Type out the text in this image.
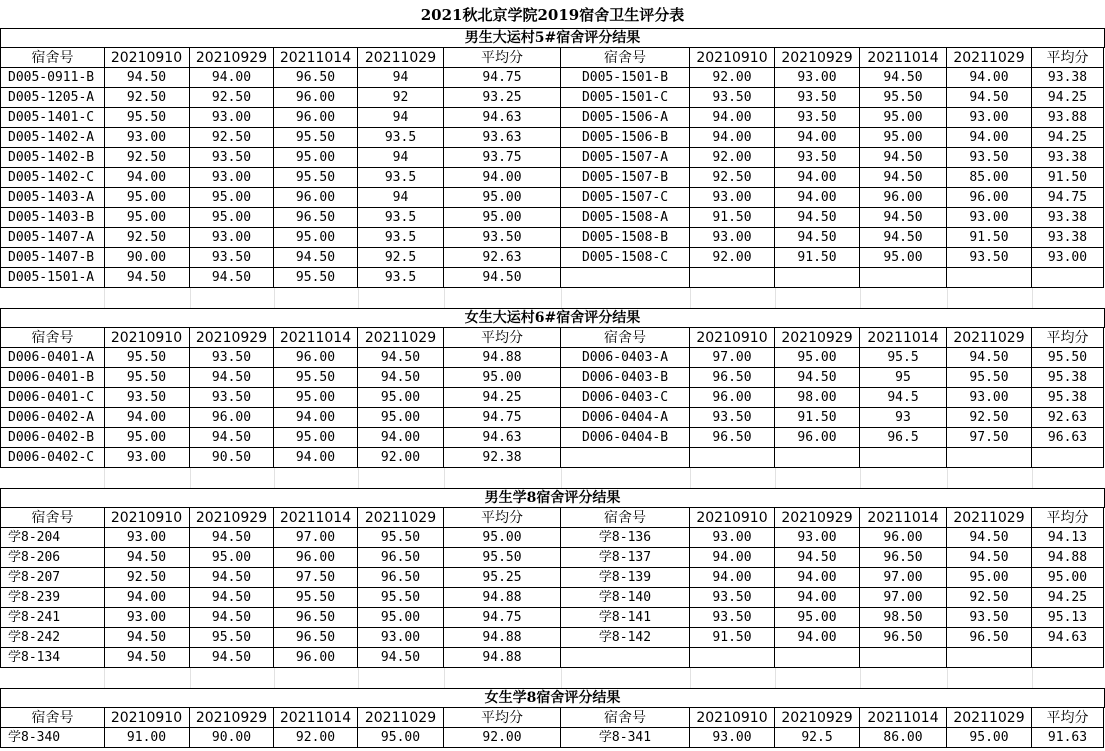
2021秋北京学院2019宿舍卫生评分表
男生大运村5#宿舍评分结果
宿舍号	20210910 20210929 20211014 20211029	平均分	宿舍号	20210910 20210929	20211014	20211029	平均分
D005-0911-B	94.50	94.00	96.50	94	94.75	D005-1501-B	92.00	93.00	94.50	94.00	93.38
D005-1205-A	92.50	92.50	96.00	92	93.25	D005-1501-C	93.50	93.50	95.50	94.50	94.25
D005-1401-C	95.50	93.00	96.00	94	94.63	D005-1506-A	94.00	93.50	95.00	93.00	93.88
D005-1402-A	93.00	92.50	95.50	93.5	93.63	D005-1506-B	94.00	94.00	95.00	94.00	94.25
D005-1402-B	92.50	93.50	95.00	94	93.75	D005-1507-A	92.00	93.50	94.50	93.50	93.38
D005-1402-C	94.00	93.00	95.50	93.5	94.00	D005-1507-B	92.50	94.00	94.50	85.00	91.50
D005-1403-A	95.00	95.00	96.00	94	95.00	D005-1507-C	93.00	94.00	96.00	96.00	94.75
D005-1403-B	95.00	95.00	96.50	93.5	95.00	D005-1508-A	91.50	94.50	94.50	93.00	93.38
D005-1407-A	92.50	93.00	95.00	93.5	93.50	D005-1508-B	93.00	94.50	94.50	91.50	93.38
D005-1407-B	90.00	93.50	94.50	92.5	92.63	D005-1508-C	92.00	91.50	95.00	93.50	93.00
D005-1501-A	94.50	94.50	95.50	93.5	94.50
女生大运村6#宿舍评分结果
宿舍号	20210910 20210929 20211014 20211029	平均分	宿舍号	20210910 20210929	20211014	20211029	平均分
D006-0401-A	95.50	93.50	96.00	94.50	94.88	D006-0403-A	97.00	95.00	95.5	94.50	95.50
D006-0401-B	95.50	94.50	95.50	94.50	95.00	D006-0403-B	96.50	94.50	95	95.50	95.38
D006-0401-C	93.50	93.50	95.00	95.00	94.25	D006-0403-C	96.00	98.00	94.5	93.00	95.38
D006-0402-A	94.00	96.00	94.00	95.00	94.75	D006-0404-A	93.50	91.50	93	92.50	92.63
D006-0402-B	95.00	94.50	95.00	94.00	94.63	D006-0404-B	96.50	96.00	96.5	97.50	96.63
D006-0402-C	93.00	90.50	94.00	92.00	92.38
男生学8宿舍评分结果
宿舍号	20210910 20210929 20211014 20211029	平均分	宿舍号	20210910 20210929	20211014	20211029	平均分
学8-204	93.00	94.50	97.00	95.50	95.00	学8-136	93.00	93.00	96.00	94.50	94.13
学8-206	94.50	95.00	96.00	96.50	95.50	学8-137	94.00	94.50	96.50	94.50	94.88
学8-207	92.50	94.50	97.50	96.50	95.25	学8-139	94.00	94.00	97.00	95.00	95.00
学8-239	94.00	94.50	95.50	95.50	94.88	学8-140	93.50	94.00	97.00	92.50	94.25
学8-241	93.00	94.50	96.50	95.00	94.75	学8-141	93.50	95.00	98.50	93.50	95.13
学8-242	94.50	95.50	96.50	93.00	94.88	学8-142	91.50	94.00	96.50	96.50	94.63
学8-134	94.50	94.50	96.00	94.50	94.88
女生学8宿舍评分结果
宿舍号	20210910 20210929 20211014 20211029	平均分	宿舍号	20210910 20210929	20211014	20211029	平均分
学8-340	91.00	90.00	92.00	95.00	92.00	学8-341	93.00	92.5	86.00	95.00	91.63
